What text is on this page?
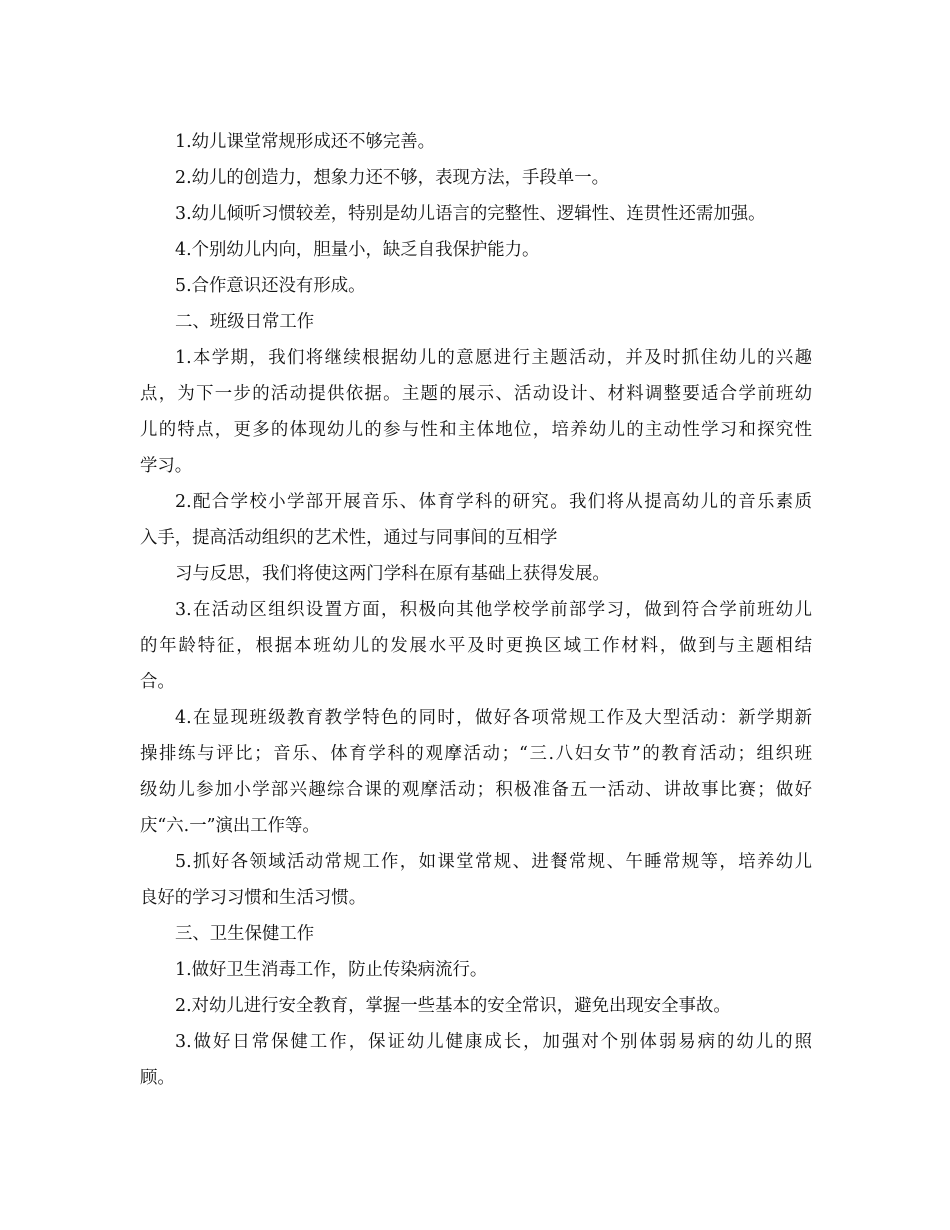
1.幼儿课堂常规形成还不够完善。
2.幼儿的创造力，想象力还不够，表现方法，手段单一。
3.幼儿倾听习惯较差，特别是幼儿语言的完整性、逻辑性、连贯性还需加强。
4.个别幼儿内向，胆量小，缺乏自我保护能力。
5.合作意识还没有形成。
二、班级日常工作
1.本学期，我们将继续根据幼儿的意愿进行主题活动，并及时抓住幼儿的兴趣
点，为下一步的活动提供依据。主题的展示、活动设计、材料调整要适合学前班幼
儿的特点，更多的体现幼儿的参与性和主体地位，培养幼儿的主动性学习和探究性
学习。
2.配合学校小学部开展音乐、体育学科的研究。我们将从提高幼儿的音乐素质
入手，提高活动组织的艺术性，通过与同事间的互相学
习与反思，我们将使这两门学科在原有基础上获得发展。
3.在活动区组织设置方面，积极向其他学校学前部学习，做到符合学前班幼儿
的年龄特征，根据本班幼儿的发展水平及时更换区域工作材料，做到与主题相结
合。
4.在显现班级教育教学特色的同时，做好各项常规工作及大型活动：新学期新
操排练与评比；音乐、体育学科的观摩活动；“三.八妇女节”的教育活动；组织班
级幼儿参加小学部兴趣综合课的观摩活动；积极准备五一活动、讲故事比赛；做好
庆“六.一”演出工作等。
5.抓好各领域活动常规工作，如课堂常规、进餐常规、午睡常规等，培养幼儿
良好的学习习惯和生活习惯。
三、卫生保健工作
1.做好卫生消毒工作，防止传染病流行。
2.对幼儿进行安全教育，掌握一些基本的安全常识，避免出现安全事故。
3.做好日常保健工作，保证幼儿健康成长，加强对个别体弱易病的幼儿的照
顾。
